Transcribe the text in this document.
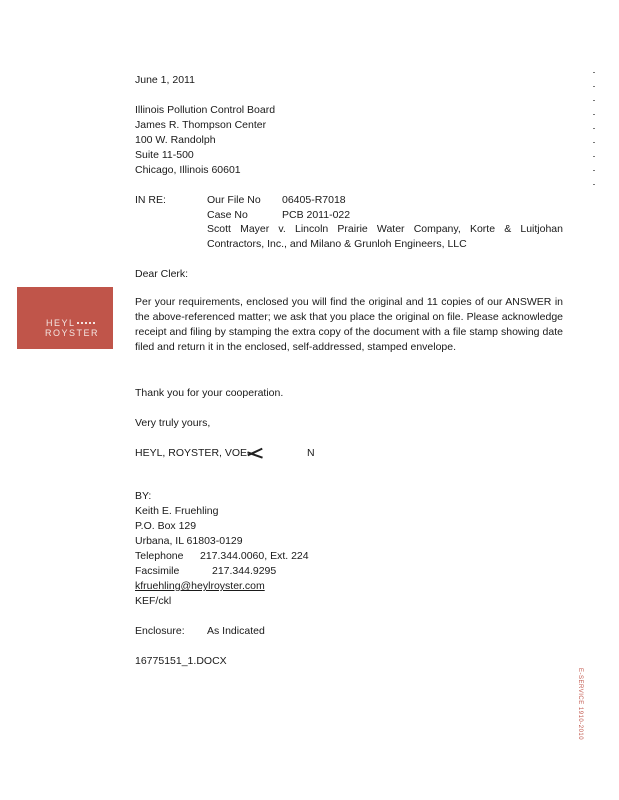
June 1, 2011
Illinois Pollution Control Board
James R. Thompson Center
100 W. Randolph
Suite 11-500
Chicago, Illinois 60601
IN RE:	Our File No 06405-R7018
Case No	PCB 2011-022
Scott Mayer v. Lincoln Prairie Water Company, Korte & Luitjohan Contractors, Inc., and Milano & Grunloh Engineers, LLC
Dear Clerk:
HEYL
ROYSTER
Per your requirements, enclosed you will find the original and 11 copies of our ANSWER in the above-referenced matter; we ask that you place the original on file. Please acknowledge receipt and filing by stamping the extra copy of the document with a file stamp showing date filed and return it in the enclosed, self-addressed, stamped envelope.
Thank you for your cooperation.
Very truly yours,
HEYL, ROYSTER, VOE	N
BY:
Keith E. Fruehling
P.O. Box 129
Urbana, IL 61803-0129
Telephone 217.344.0060, Ext. 224
Facsimile	217.344.9295
kfruehling@heylroyster.com
KEF/ckl
Enclosure: As Indicated
16775151_1.DOCX
E-SERVICE 1910-2010
